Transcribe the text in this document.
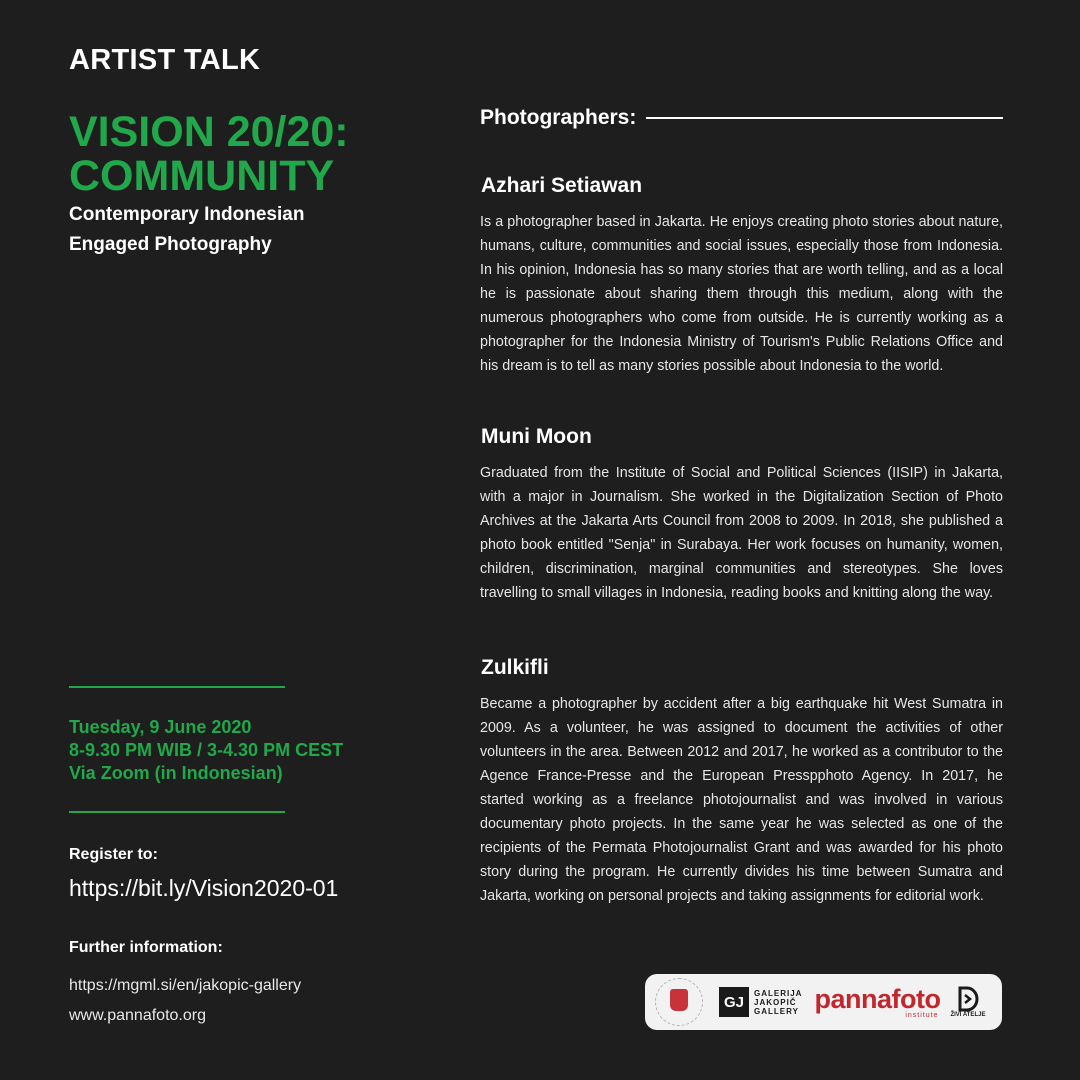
ARTIST TALK
VISION 20/20:
COMMUNITY
Contemporary Indonesian
Engaged Photography
Tuesday, 9 June 2020
8-9.30 PM WIB / 3-4.30 PM CEST
Via Zoom (in Indonesian)
Register to:
https://bit.ly/Vision2020-01
Further information:
https://mgml.si/en/jakopic-gallery
www.pannafoto.org
Photographers:
Azhari Setiawan

Is a photographer based in Jakarta. He enjoys creating photo stories about nature, humans, culture, communities and social issues, especially those from Indonesia. In his opinion, Indonesia has so many stories that are worth telling, and as a local he is passionate about sharing them through this medium, along with the numerous photographers who come from outside. He is currently working as a photographer for the Indonesia Ministry of Tourism's Public Relations Office and his dream is to tell as many stories possible about Indonesia to the world.

Muni Moon

Graduated from the Institute of Social and Political Sciences (IISIP) in Jakarta, with a major in Journalism. She worked in the Digitalization Section of Photo Archives at the Jakarta Arts Council from 2008 to 2009. In 2018, she published a photo book entitled "Senja" in Surabaya. Her work focuses on humanity, women, children, discrimination, marginal communities and stereotypes. She loves travelling to small villages in Indonesia, reading books and knitting along the way.

Zulkifli

Became a photographer by accident after a big earthquake hit West Sumatra in 2009. As a volunteer, he was assigned to document the activities of other volunteers in the area. Between 2012 and 2017, he worked as a contributor to the Agence France-Presse and the European Presspphoto Agency. In 2017, he started working as a freelance photojournalist and was involved in various documentary photo projects. In the same year he was selected as one of the recipients of the Permata Photojournalist Grant and was awarded for his photo story during the program. He currently divides his time between Sumatra and Jakarta, working on personal projects and taking assignments for editorial work.

GJ
GALERIJA
JAKOPIČ
GALLERY pannafoto
institute ŽIVI ATELJE
